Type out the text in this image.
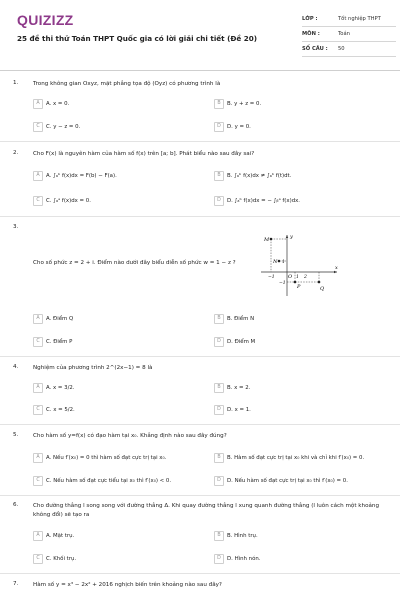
QUIZIZZ
25 đề thi thử Toán THPT Quốc gia có lời giải chi tiết (Đề 20)
LỚP :	Tốt nghiệp THPT
MÔN :	Toán
SỐ CÂU : 50
1.	Trong không gian Oxyz, mặt phẳng tọa độ (Oyz) có phương trình là
A A. x = 0.	B B. y + z = 0.
C C. y − z = 0.	D D. y = 0.
2.	Cho F(x) là nguyên hàm của hàm số f(x) trên [a; b]. Phát biểu nào sau đây sai?
A A. ∫ₐᵇ f(x)dx = F(b) − F(a).	B B. ∫ₐᵇ f(x)dx ≠ ∫ₐᵇ f(t)dt.
C C. ∫ₐᵃ f(x)dx = 0.	D D. ∫ₐᵇ f(x)dx = − ∫ᵦᵃ f(x)dx.
3.
Cho số phức z = 2 + i. Điểm nào dưới đây biểu diễn số phức w = 1 − z ?
M
N
O
P	Q
x
y
−1	1 2
1
−1
A A. Điểm Q	B B. Điểm N
C C. Điểm P	D D. Điểm M
4.	Nghiệm của phương trình 2^(2x−1) = 8 là
A A. x = 3/2.	B B. x = 2.
C C. x = 5/2.	D D. x = 1.
5.	Cho hàm số y=f(x) có đạo hàm tại x₀. Khẳng định nào sau đây đúng?
A A. Nếu f′(x₀) = 0 thì hàm số đạt cực trị tại x₀.	B B. Hàm số đạt cực trị tại x₀ khi và chỉ khi f′(x₀) = 0.
C C. Nếu hàm số đạt cực tiểu tại x₀ thì f′(x₀) < 0.	D D. Nếu hàm số đạt cực trị tại x₀ thì f′(x₀) = 0.
6.	Cho đường thẳng l song song với đường thẳng Δ. Khi quay đường thẳng l xung quanh đường thẳng (l luôn cách một khoảng không đổi) sẽ tạo ra
A A. Mặt trụ.	B B. Hình trụ.
C C. Khối trụ.	D D. Hình nón.
7.	Hàm số y = x³ − 2x² + 2016 nghịch biến trên khoảng nào sau đây?
